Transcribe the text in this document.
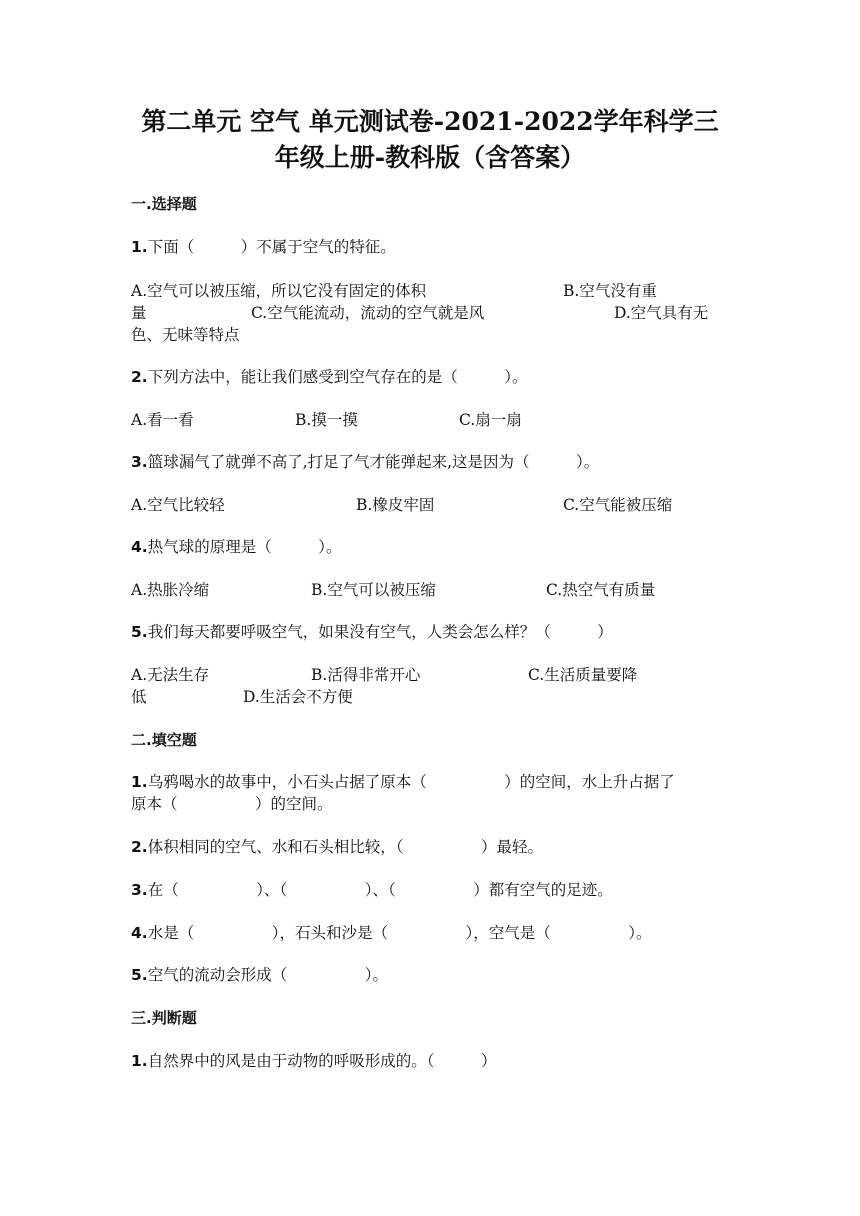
第二单元 空气 单元测试卷-2021-2022学年科学三
年级上册-教科版（含答案）
一.选择题
1.下面（　　　）不属于空气的特征。
A.空气可以被压缩，所以它没有固定的体积	B.空气没有重
量	C.空气能流动，流动的空气就是风	D.空气具有无
色、无味等特点
2.下列方法中，能让我们感受到空气存在的是（　　　）。
A.看一看	B.摸一摸	C.扇一扇
3.篮球漏气了就弹不高了,打足了气才能弹起来,这是因为（　　　）。
A.空气比较轻	B.橡皮牢固	C.空气能被压缩
4.热气球的原理是（　　　）。
A.热胀冷缩	B.空气可以被压缩	C.热空气有质量
5.我们每天都要呼吸空气，如果没有空气，人类会怎么样？（　　　）
A.无法生存	B.活得非常开心	C.生活质量要降
低	D.生活会不方便
二.填空题
1.乌鸦喝水的故事中，小石头占据了原本（　　　　　）的空间，水上升占据了
原本（　　　　　）的空间。
2.体积相同的空气、水和石头相比较，（　　　　　）最轻。
3.在（　　　　　）、（　　　　　）、（　　　　　）都有空气的足迹。
4.水是（　　　　　），石头和沙是（　　　　　），空气是（　　　　　）。
5.空气的流动会形成（　　　　　）。
三.判断题
1.自然界中的风是由于动物的呼吸形成的。（　　　）
